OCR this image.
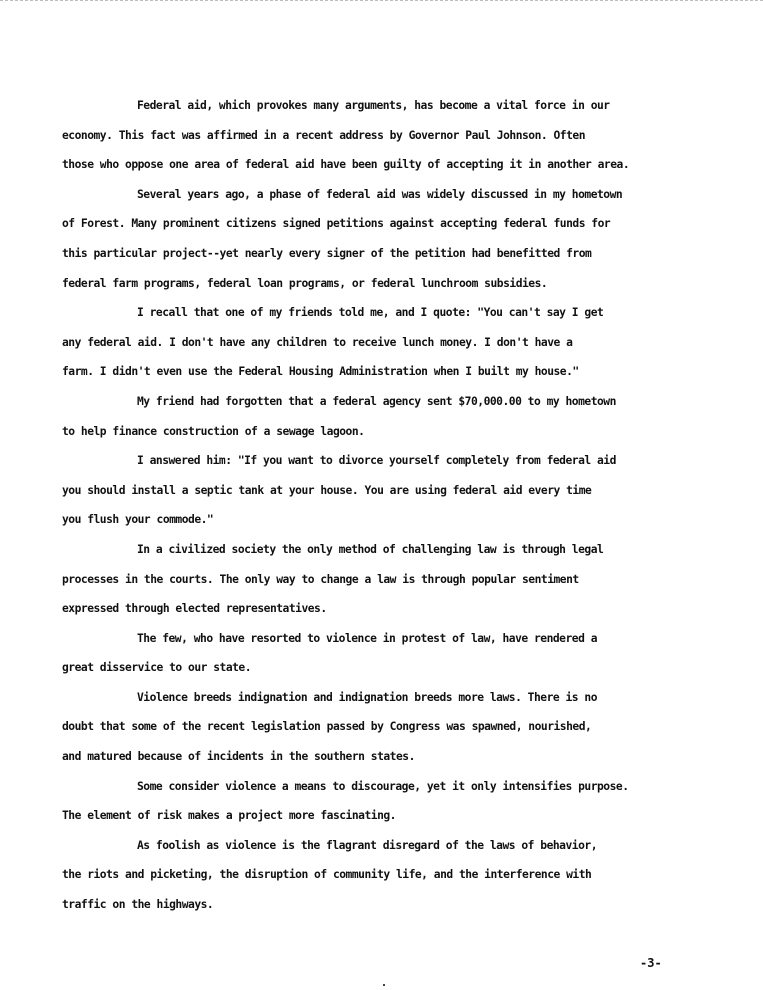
Federal aid, which provokes many arguments, has become a vital force in our

economy. This fact was affirmed in a recent address by Governor Paul Johnson. Often

those who oppose one area of federal aid have been guilty of accepting it in another area.

Several years ago, a phase of federal aid was widely discussed in my hometown

of Forest. Many prominent citizens signed petitions against accepting federal funds for

this particular project--yet nearly every signer of the petition had benefitted from

federal farm programs, federal loan programs, or federal lunchroom subsidies.

I recall that one of my friends told me, and I quote: "You can't say I get

any federal aid. I don't have any children to receive lunch money. I don't have a

farm. I didn't even use the Federal Housing Administration when I built my house."

My friend had forgotten that a federal agency sent $70,000.00 to my hometown

to help finance construction of a sewage lagoon.

I answered him: "If you want to divorce yourself completely from federal aid

you should install a septic tank at your house. You are using federal aid every time

you flush your commode."

In a civilized society the only method of challenging law is through legal

processes in the courts. The only way to change a law is through popular sentiment

expressed through elected representatives.

The few, who have resorted to violence in protest of law, have rendered a

great disservice to our state.

Violence breeds indignation and indignation breeds more laws. There is no

doubt that some of the recent legislation passed by Congress was spawned, nourished,

and matured because of incidents in the southern states.

Some consider violence a means to discourage, yet it only intensifies purpose.

The element of risk makes a project more fascinating.

As foolish as violence is the flagrant disregard of the laws of behavior,

the riots and picketing, the disruption of community life, and the interference with

traffic on the highways.

-3-
